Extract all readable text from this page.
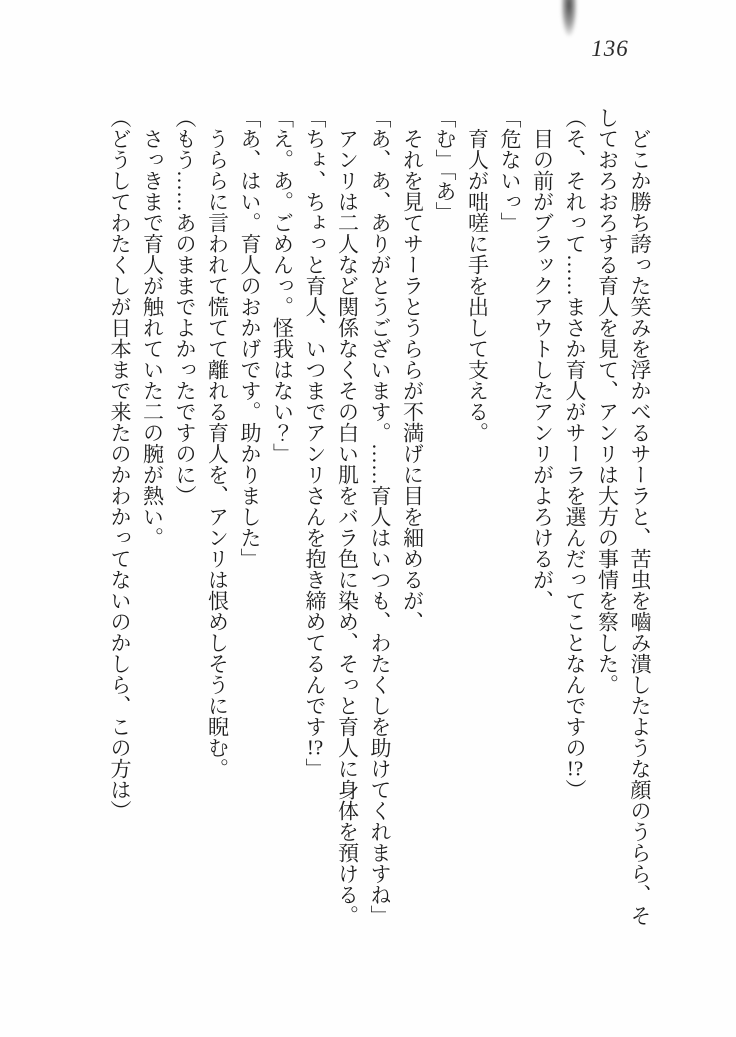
136

どこか勝ち誇った笑みを浮かべるサーラと、苦虫を嚙み潰したような顔のうらら、そしておろおろする育人を見て、アンリは大方の事情を察した。

（そ、それって……まさか育人がサーラを選んだってことなんですの!?）

目の前がブラックアウトしたアンリがよろけるが、

「危ないっ」

育人が咄嗟に手を出して支える。

「む」「あ」

それを見てサーラとうららが不満げに目を細めるが、

「あ、あ、ありがとうございます。……育人はいつも、わたくしを助けてくれますね」

アンリは二人など関係なくその白い肌をバラ色に染め、そっと育人に身体を預ける。

「ちょ、ちょっと育人、いつまでアンリさんを抱き締めてるんです!?」

「え。あ。ごめんっ。怪我はない？」

「あ、はい。育人のおかげです。助かりました」

うららに言われて慌てて離れる育人を、アンリは恨めしそうに睨む。

（もう……あのままでよかったですのに）

さっきまで育人が触れていた二の腕が熱い。

（どうしてわたくしが日本まで来たのかわかってないのかしら、この方は）
